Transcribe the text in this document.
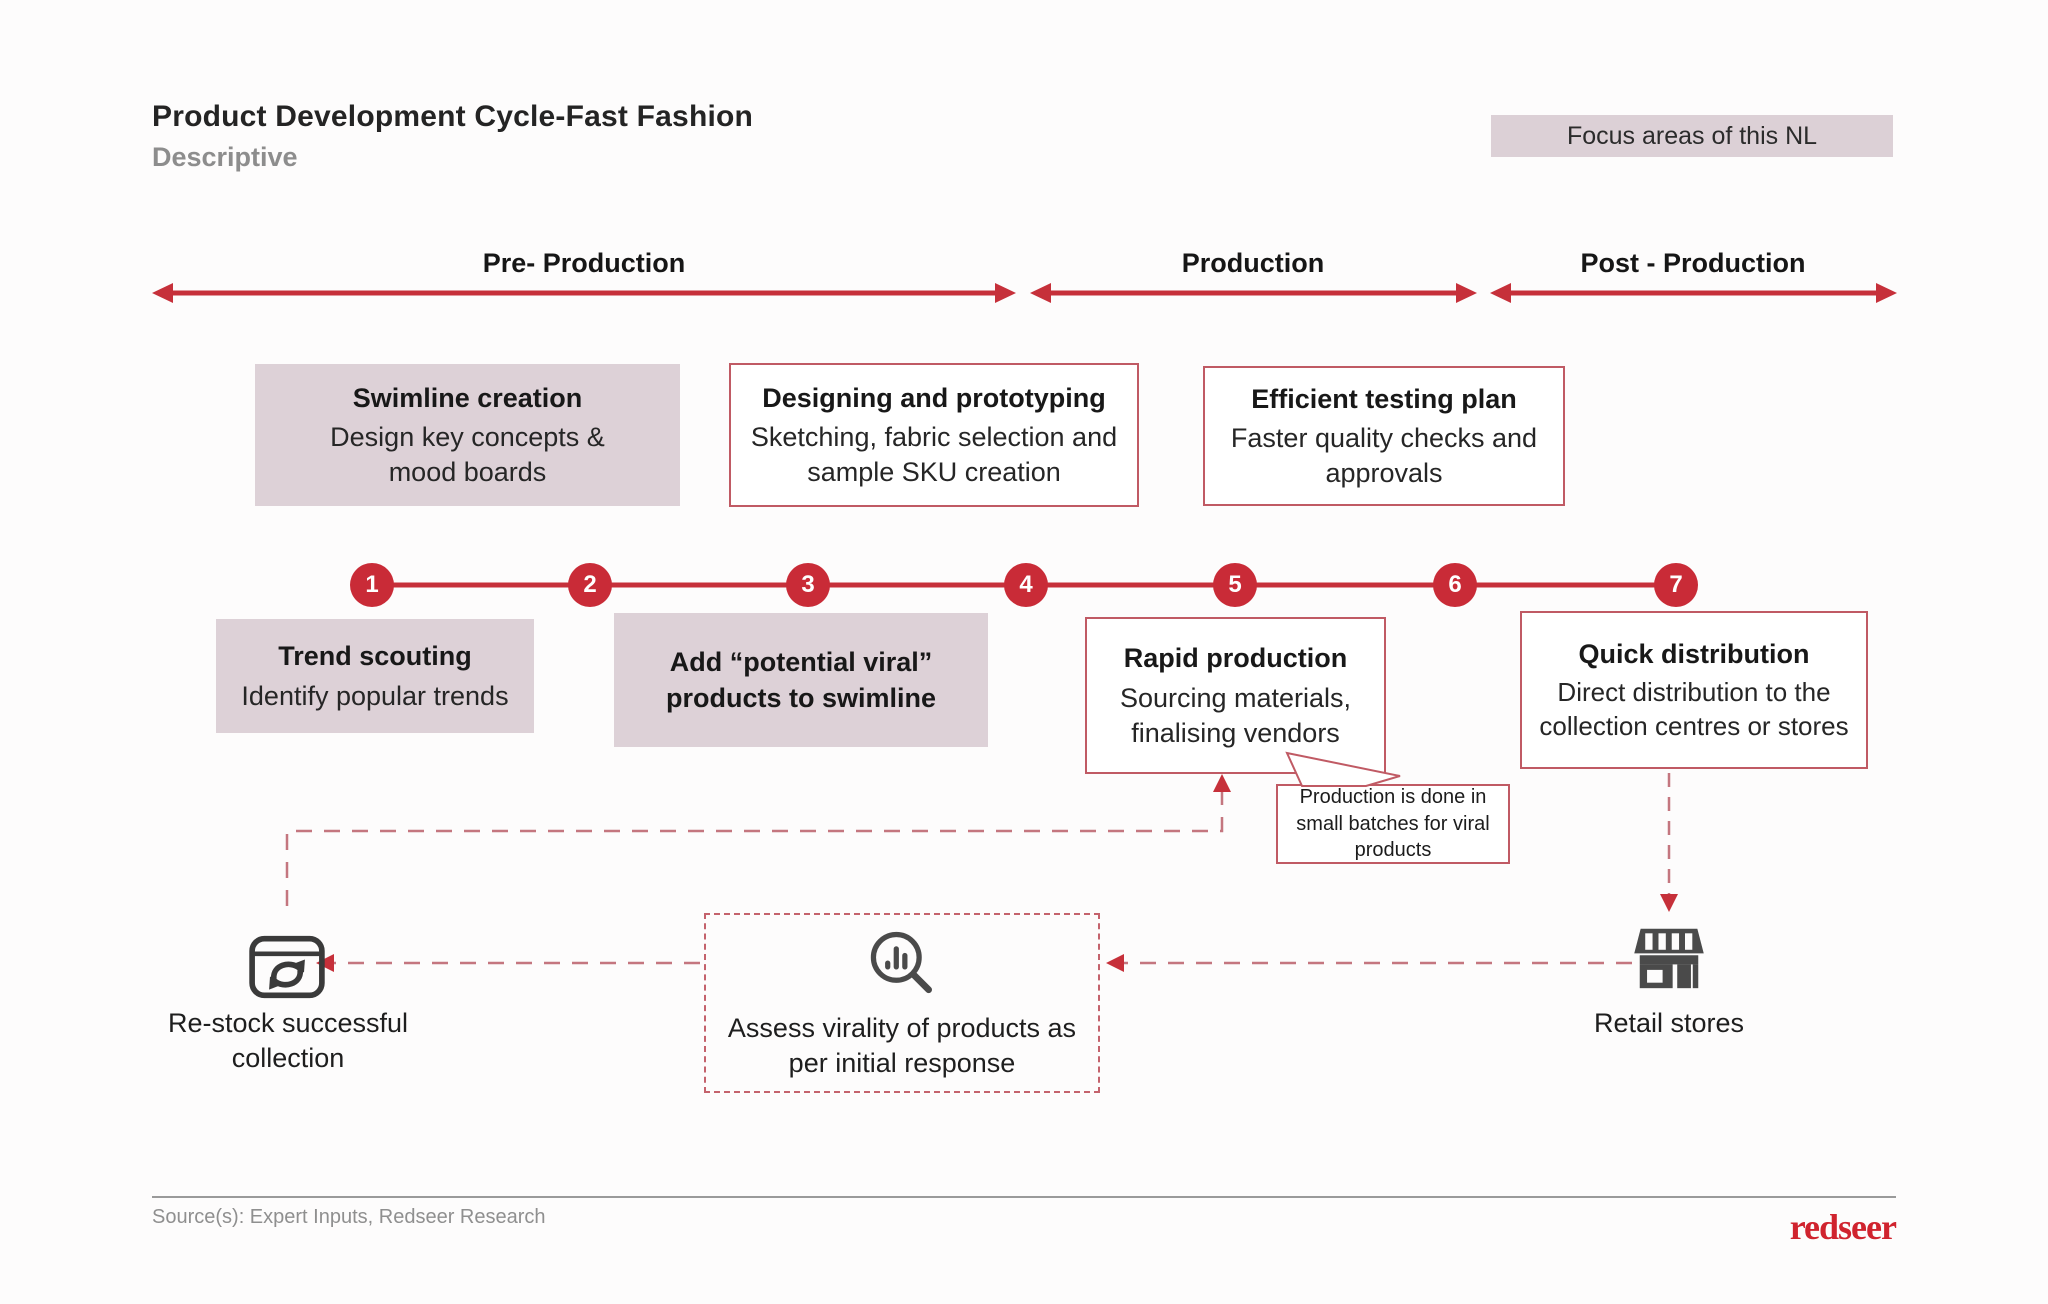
Product Development Cycle-Fast Fashion
Descriptive
Focus areas of this NL
Pre- Production	Production	Post - Production
Swimline creation
Design key concepts & mood boards
Designing and prototyping
Sketching, fabric selection and sample SKU creation
Efficient testing plan
Faster quality checks and approvals
Trend scouting
Identify popular trends
Add “potential viral” products to swimline
Rapid production
Sourcing materials, finalising vendors
Quick distribution
Direct distribution to the collection centres or stores
1	2	3	4	5	6	7
Production is done in small batches for viral products
Assess virality of products as per initial response
Re-stock successful collection
Retail stores
Source(s): Expert Inputs, Redseer Research	redseer
